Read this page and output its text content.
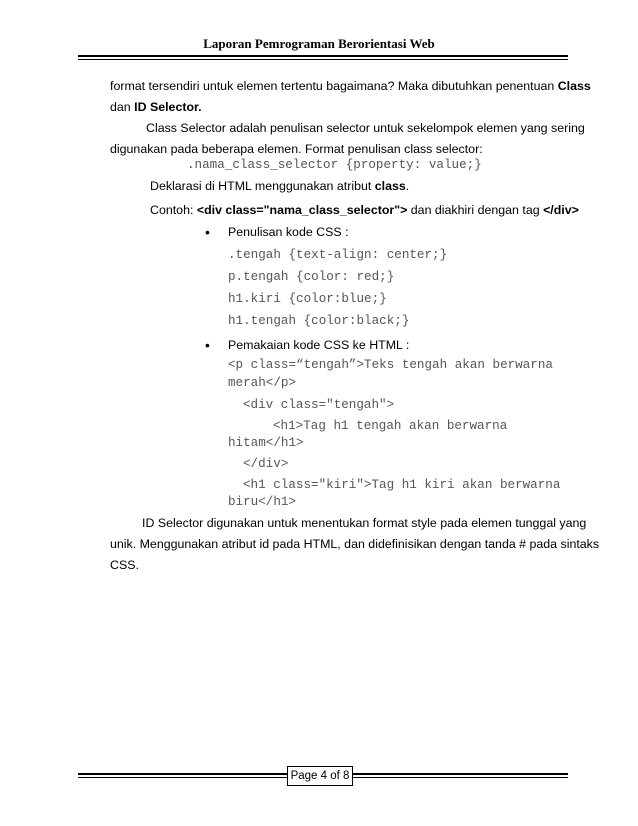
Laporan Pemrograman Berorientasi Web
format tersendiri untuk elemen tertentu bagaimana? Maka dibutuhkan penentuan Class
dan ID Selector.
Class Selector adalah penulisan selector untuk sekelompok elemen yang sering
digunakan pada beberapa elemen. Format penulisan class selector:
.nama_class_selector {property: value;}
Deklarasi di HTML menggunakan atribut class.
Contoh: <div class="nama_class_selector"> dan diakhiri dengan tag </div>
• Penulisan kode CSS :
.tengah {text-align: center;}
p.tengah {color: red;}
h1.kiri {color:blue;}
h1.tengah {color:black;}
• Pemakaian kode CSS ke HTML :
<p class=“tengah”>Teks tengah akan berwarna
merah</p>
<div class="tengah">
<h1>Tag h1 tengah akan berwarna
hitam</h1>
</div>
<h1 class="kiri">Tag h1 kiri akan berwarna
biru</h1>
ID Selector digunakan untuk menentukan format style pada elemen tunggal yang
unik. Menggunakan atribut id pada HTML, dan didefinisikan dengan tanda # pada sintaks
CSS.
Page 4 of 8
